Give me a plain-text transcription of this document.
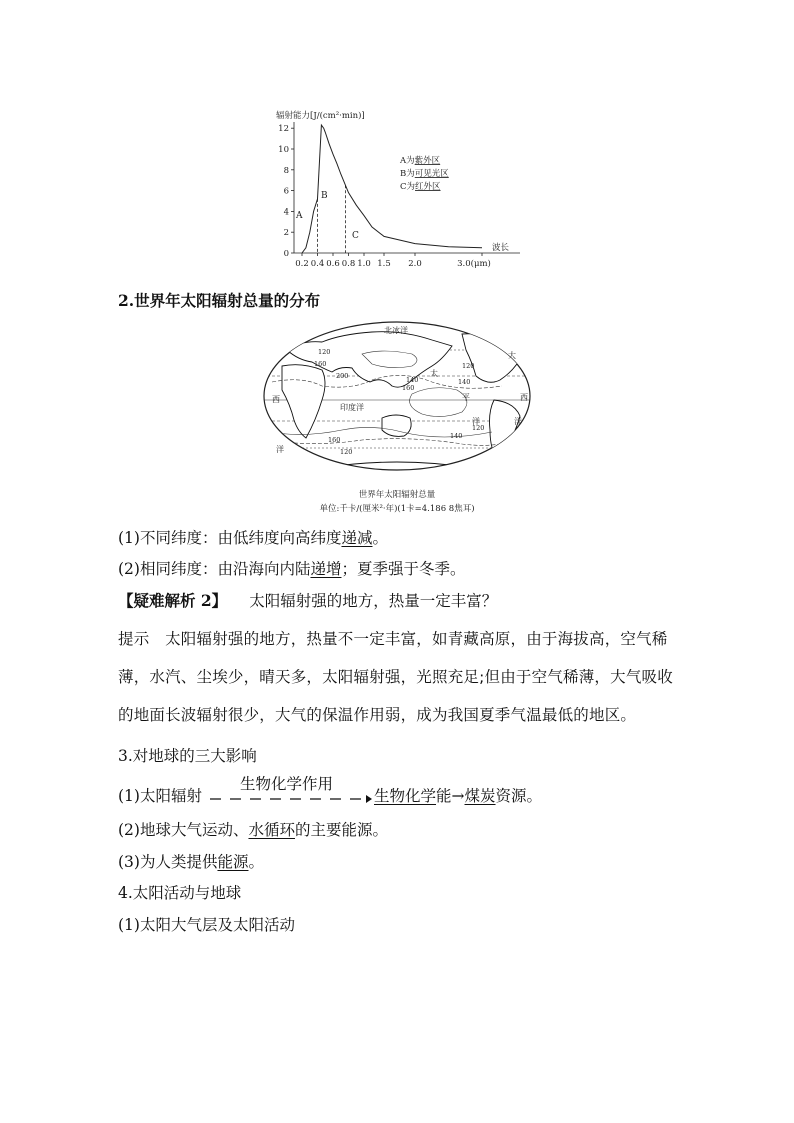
辐射能力[J/(cm²·min)]
0
2
4
6
8
10
12
0.2 0.4 0.6 0.8 1.0 1.5 2.0	3.0(μm)
A
B
C
波长
A为紫外区
B为可见光区
C为红外区
2.世界年太阳辐射总量的分布
北冰洋
太
平
洋
大
西
洋
西
印度洋
洋
120
160
200	140
120
140
160
140
120
160
120
世界年太阳辐射总量
单位:千卡/(厘米²·年)(1卡=4.186 8焦耳)
(1)不同纬度：由低纬度向高纬度递减。
(2)相同纬度：由沿海向内陆递增；夏季强于冬季。
【疑难解析 2】 太阳辐射强的地方，热量一定丰富？
提示　太阳辐射强的地方，热量不一定丰富，如青藏高原，由于海拔高，空气稀薄，水汽、尘埃少，晴天多，太阳辐射强，光照充足;但由于空气稀薄，大气吸收的地面长波辐射很少，大气的保温作用弱，成为我国夏季气温最低的地区。
3.对地球的三大影响
(1)太阳辐射
生物化学作用
生物化学能→煤炭资源。
(2)地球大气运动、水循环的主要能源。
(3)为人类提供能源。
4.太阳活动与地球
(1)太阳大气层及太阳活动
